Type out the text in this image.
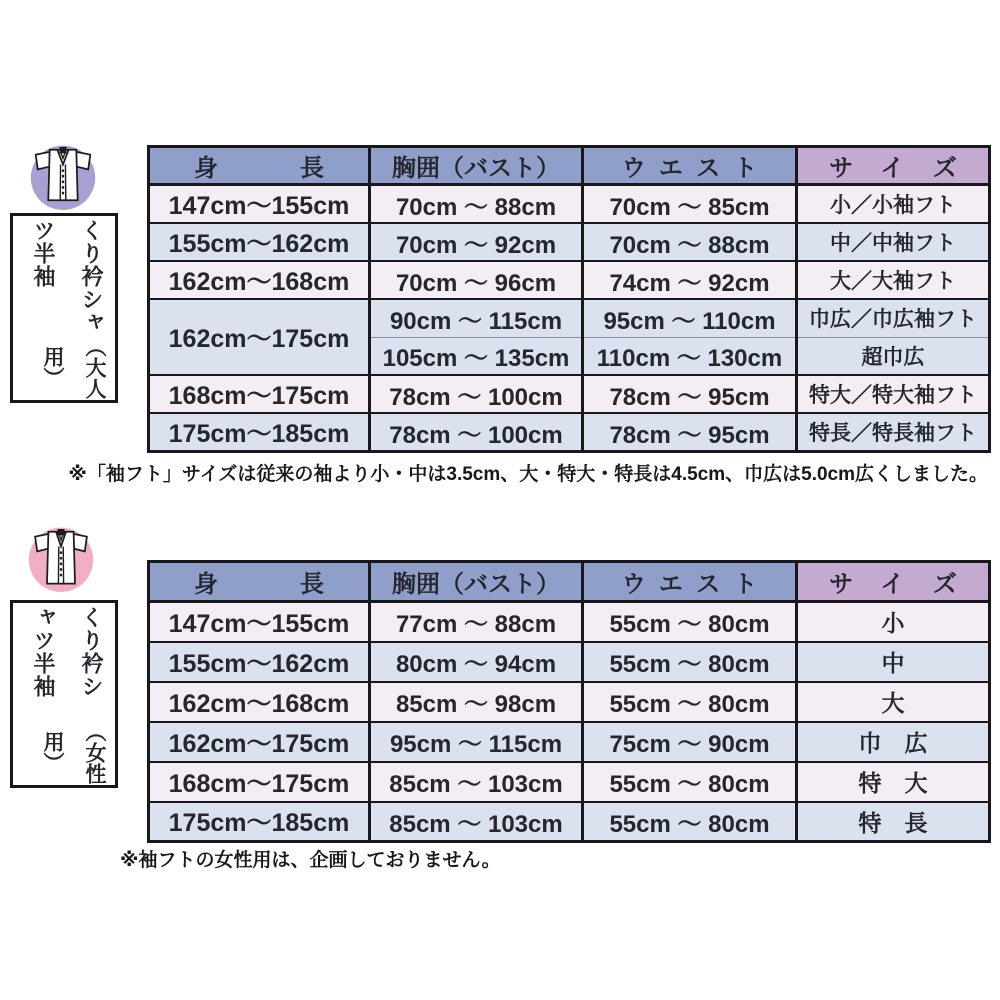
くり衿シャツ半袖
（大人用）
身長	胸囲（バスト）	ウエスト	サイズ
147cm～155cm	70cm ～ 88cm	70cm ～ 85cm	小／小袖フト
155cm～162cm	70cm ～ 92cm	70cm ～ 88cm	中／中袖フト
162cm～168cm	70cm ～ 96cm	74cm ～ 92cm	大／大袖フト
162cm～175cm	90cm ～ 115cm	95cm ～ 110cm	巾広／巾広袖フト
	105cm ～ 135cm	110cm ～ 130cm	超巾広
168cm～175cm	78cm ～ 100cm	78cm ～ 95cm	特大／特大袖フト
175cm～185cm	78cm ～ 100cm	78cm ～ 95cm	特長／特長袖フト
※「袖フト」サイズは従来の袖より小・中は3.5cm、大・特大・特長は4.5cm、巾広は5.0cm広くしました。
くり衿シャツ半袖
（女性用）
身長	胸囲（バスト）	ウエスト	サイズ
147cm～155cm	77cm ～ 88cm	55cm ～ 80cm	小
155cm～162cm	80cm ～ 94cm	55cm ～ 80cm	中
162cm～168cm	85cm ～ 98cm	55cm ～ 80cm	大
162cm～175cm	95cm ～ 115cm	75cm ～ 90cm	巾　広
168cm～175cm	85cm ～ 103cm	55cm ～ 80cm	特　大
175cm～185cm	85cm ～ 103cm	55cm ～ 80cm	特　長
※袖フトの女性用は、企画しておりません。
